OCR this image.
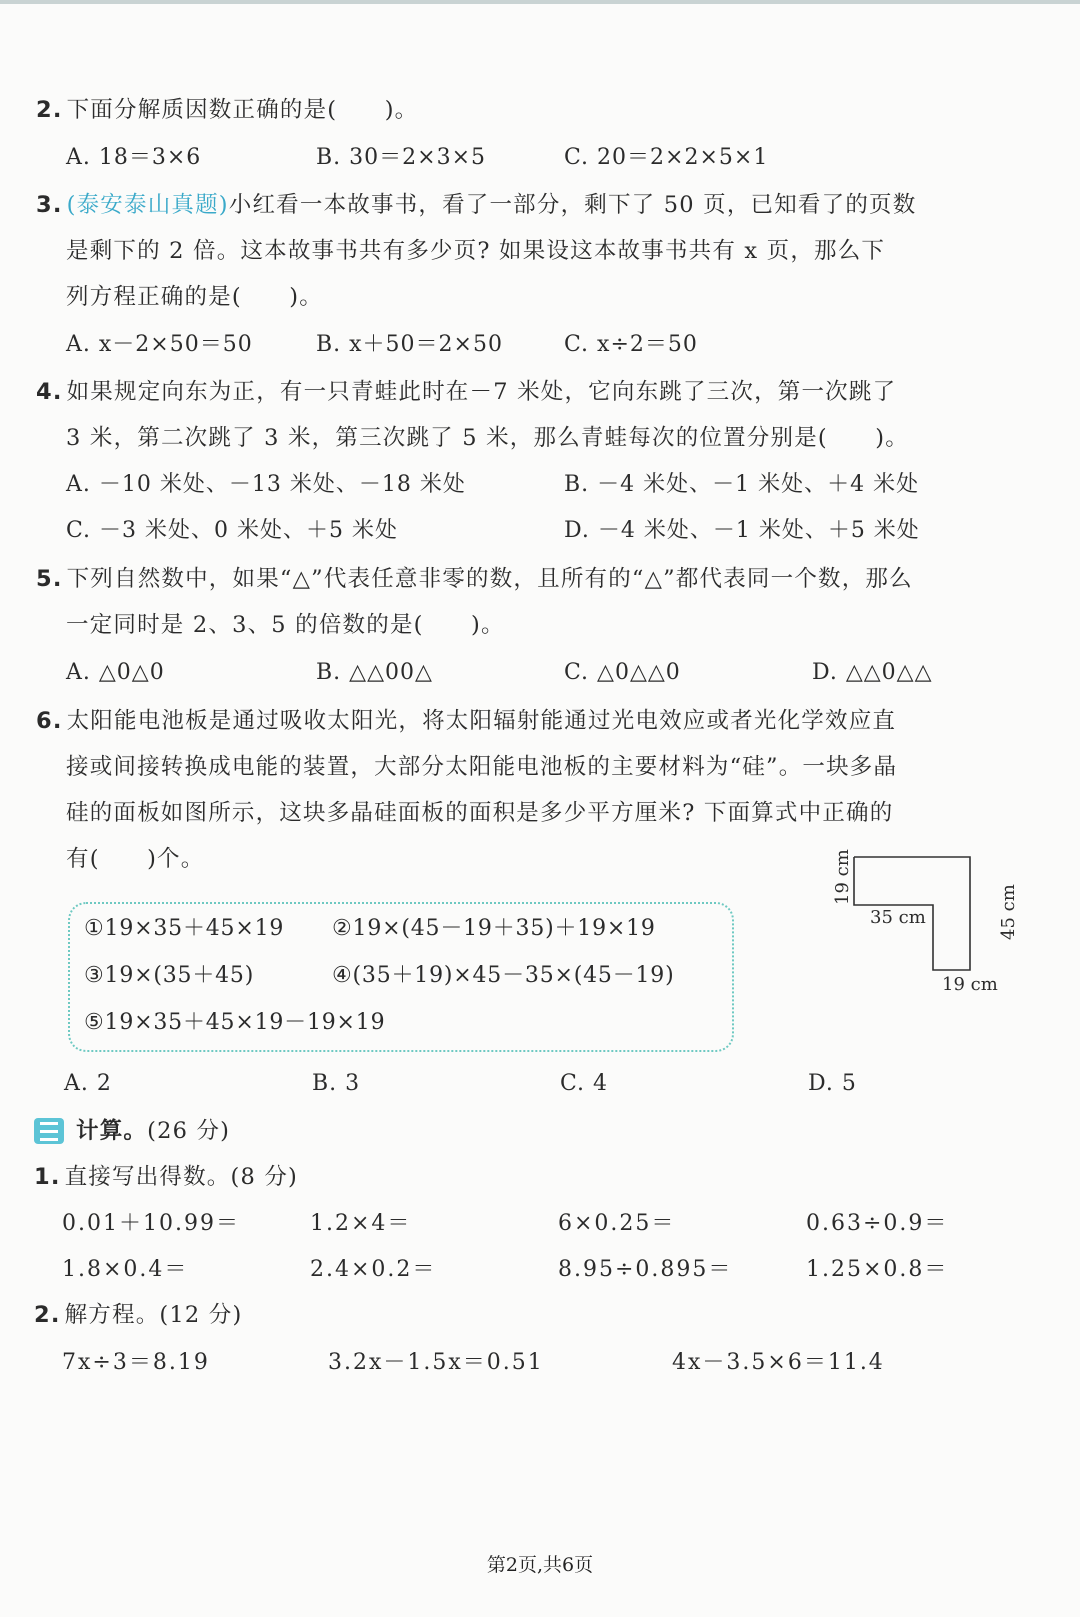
2. 下面分解质因数正确的是(　　)。
A. 18＝3×6	B. 30＝2×3×5	C. 20＝2×2×5×1
3. (泰安泰山真题)小红看一本故事书，看了一部分，剩下了 50 页，已知看了的页数
是剩下的 2 倍。这本故事书共有多少页? 如果设这本故事书共有 x 页，那么下
列方程正确的是(　　)。
A. x－2×50＝50	B. x＋50＝2×50	C. x÷2＝50
4. 如果规定向东为正，有一只青蛙此时在－7 米处，它向东跳了三次，第一次跳了
3 米，第二次跳了 3 米，第三次跳了 5 米，那么青蛙每次的位置分别是(　　)。
A. －10 米处、－13 米处、－18 米处	B. －4 米处、－1 米处、＋4 米处
C. －3 米处、0 米处、＋5 米处	D. －4 米处、－1 米处、＋5 米处
5. 下列自然数中，如果“△”代表任意非零的数，且所有的“△”都代表同一个数，那么
一定同时是 2、3、5 的倍数的是(　　)。
A. △0△0	B. △△00△	C. △0△△0	D. △△0△△
6. 太阳能电池板是通过吸收太阳光，将太阳辐射能通过光电效应或者光化学效应直
接或间接转换成电能的装置，大部分太阳能电池板的主要材料为“硅”。一块多晶
硅的面板如图所示，这块多晶硅面板的面积是多少平方厘米? 下面算式中正确的
有(　　)个。	19 cm
35 cm	45 cm
19 cm
①19×35＋45×19 ②19×(45－19＋35)＋19×19
③19×(35＋45)	④(35＋19)×45－35×(45－19)
⑤19×35＋45×19－19×19
A. 2	B. 3	C. 4	D. 5
计算。(26 分)
1. 直接写出得数。(8 分)
0.01＋10.99＝	1.2×4＝	6×0.25＝	0.63÷0.9＝
1.8×0.4＝	2.4×0.2＝	8.95÷0.895＝	1.25×0.8＝
2. 解方程。(12 分)
7x÷3＝8.19	3.2x－1.5x＝0.51	4x－3.5×6＝11.4
第2页,共6页
